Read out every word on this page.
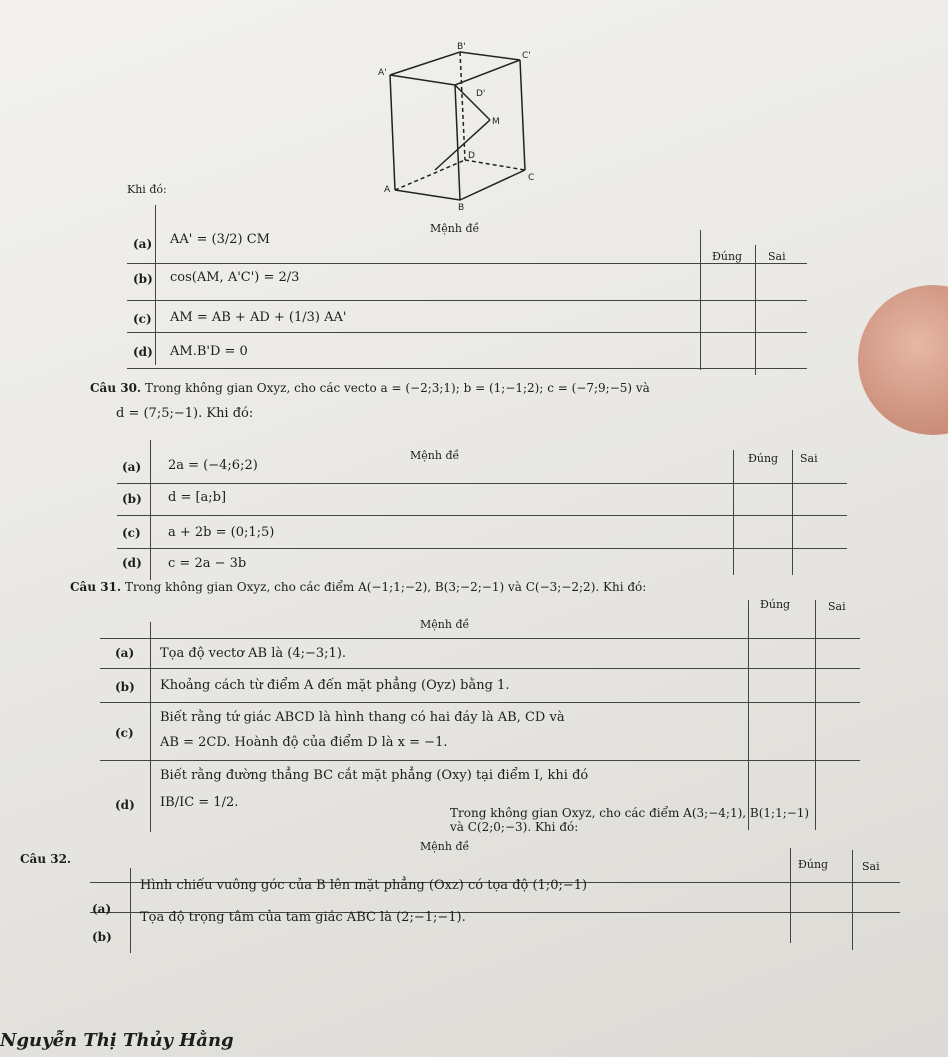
A'
B'
C'
D'
A
B
C
D
M
Khi đó:
Mệnh đề
Đúng Sai
(a) AA' = (3/2) CM
(b) cos(AM, A'C') = 2/3
(c) AM = AB + AD + (1/3) AA'
(d) AM.B'D = 0
Câu 30. Trong không gian Oxyz, cho các vecto a = (−2;3;1); b = (1;−1;2); c = (−7;9;−5) và
d = (7;5;−1). Khi đó:
Mệnh đề	Đúng Sai
(a) 2a = (−4;6;2)
(b) d = [a;b]
(c) a + 2b = (0;1;5)
(d) c = 2a − 3b
Câu 31. Trong không gian Oxyz, cho các điểm A(−1;1;−2), B(3;−2;−1) và C(−3;−2;2). Khi đó:
Mệnh đề
Đúng	Sai
(a) Tọa độ vectơ AB là (4;−3;1).
(b) Khoảng cách từ điểm A đến mặt phẳng (Oyz) bằng 1.
(c)
Biết rằng tứ giác ABCD là hình thang có hai đáy là AB, CD và
AB = 2CD. Hoành độ của điểm D là x = −1.
(d)
Biết rằng đường thẳng BC cắt mặt phẳng (Oxy) tại điểm I, khi đó
IB/IC = 1/2.
Mệnh đề
Trong không gian Oxyz, cho các điểm A(3;−4;1), B(1;1;−1) và C(2;0;−3). Khi đó:
Câu 32.	Đúng	Sai
(a)
Hình chiếu vuông góc của B lên mặt phẳng (Oxz) có tọa độ (1;0;−1)
(b)
Tọa độ trọng tâm của tam giác ABC là (2;−1;−1).
Nguyễn Thị Thủy Hằng
